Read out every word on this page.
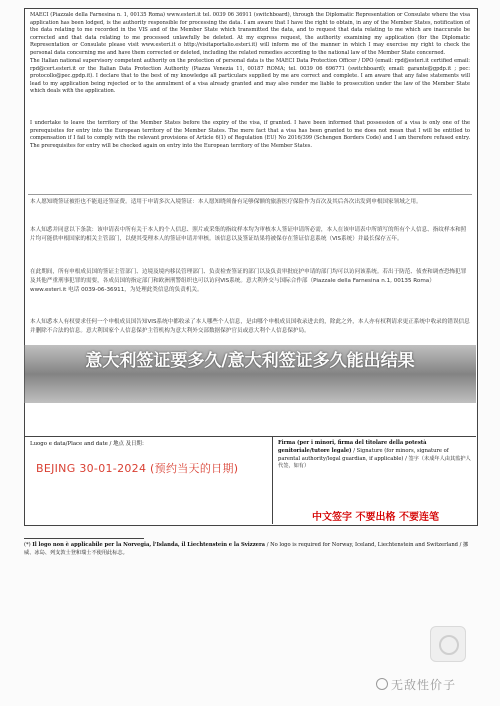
MAECI (Piazzale della Farnesina n. 1, 00135 Roma) www.esteri.it tel. 0039 06 36911 (switchboard), through the Diplomatic Representation or Consulate where the visa application has been lodged, is the authority responsible for processing the data. I am aware that I have the right to obtain, in any of the Member States, notification of the data relating to me recorded in the VIS and of the Member State which transmitted the data, and to request that data relating to me which are inaccurate be corrected and that data relating to me processed unlawfully be deleted. At my express request, the authority examining my application (for the Diplomatic Representation or Consulate please visit www.esteri.it o http://visitaportalio.esteri.it) will inform me of the manner in which I may exercise my right to check the personal data concerning me and have them corrected or deleted, including the related remedies according to the national law of the Member State concerned.
The Italian national supervisory competent authority on the protection of personal data is the MAECI Data Protection Officer / DPO (email: rpd@esteri.it certified email: rpd@cert.esteri.it or the Italian Data Protection Authority (Piazza Venezia 11, 00187 ROMA; tel. 0039 06 696771 (switchboard); email: garante@gpdp.it ; pec: protocollo@pec.gpdp.it). I declare that to the best of my knowledge all particulars supplied by me are correct and complete. I am aware that any false statements will lead to my application being rejected or to the annulment of a visa already granted and may also render me liable to prosecution under the law of the Member State which deals with the application.
I undertake to leave the territory of the Member States before the expiry of the visa, if granted. I have been informed that possession of a visa is only one of the prerequisites for entry into the European territory of the Member States. The mere fact that a visa has been granted to me does not mean that I will be entitled to compensation if I fail to comply with the relevant provisions of Article 6(1) of Regulation (EU) No 2016/399 (Schengen Borders Code) and I am therefore refused entry. The prerequisites for entry will be checked again on entry into the European territory of the Member States.
本人愿知晓签证被拒也不能退还签证费。适用于申请多次入境签证：本人愿知晓须备有足够保额的旅游医疗保险作为首次及其后各次出发到申根国家领域之用。
本人知悉并同意以下条款：该申请表中所有关于本人的个人信息、照片或采集的指纹样本均为审核本人签证申请所必需，本人在该申请表中所填写的所有个人信息、指纹样本和照片均可能供申根国家的相关主管部门，以便其受理本人的签证申请并审核。该信息以及签证结果将被保存在签证信息系统（VIS系统）并最长保存五年。
在此期间，所有申根成员国的签证主管部门、边境及境内移民管理部门、负责检查签证的部门以及负责审批庇护申请的部门均可以访问该系统。若出于防范、侦查和调查恐怖犯罪及其他严重刑事犯罪的需要，各成员国的指定部门和欧洲刑警组织也可以访问VIS系统。意大利外交与国际合作部（Piazzale della Farnesina n.1, 00135 Roma）www.esteri.it 电话 0039-06-36911，为处理此类信息的负责机关。
本人知悉本人有权要求任何一个申根成员国告知VIS系统中都收录了本人哪些个人信息，是由哪个申根成员国收录进去的，除此之外，本人亦有权利请求更正系统中收录的错误信息并删除不合法的信息。意大利国家个人信息保护主管机构为意大利外交部数据保护官员或意大利个人信息保护局。
意大利签证要多久/意大利签证多久能出结果
Luogo e data/Place and date / 地点 及日期：
BEJING 30-01-2024 (预约当天的日期)
Firma (per i minori, firma del titolare della potestà genitoriale/tutore legale) / Signature (for minors, signature of parental authority/legal guardian, if applicable) / 签字（未成年人由其监护人代签，如有）
中文签字 不要出格 不要连笔
(*) Il logo non è applicabile per la Norvegia, l'Islanda, il Liechtenstein e la Svizzera / No logo is required for Norway, Iceland, Liechtenstein and Switzerland / 挪威、冰岛、列支敦士登和瑞士不使用此标志。
无敌性价子
